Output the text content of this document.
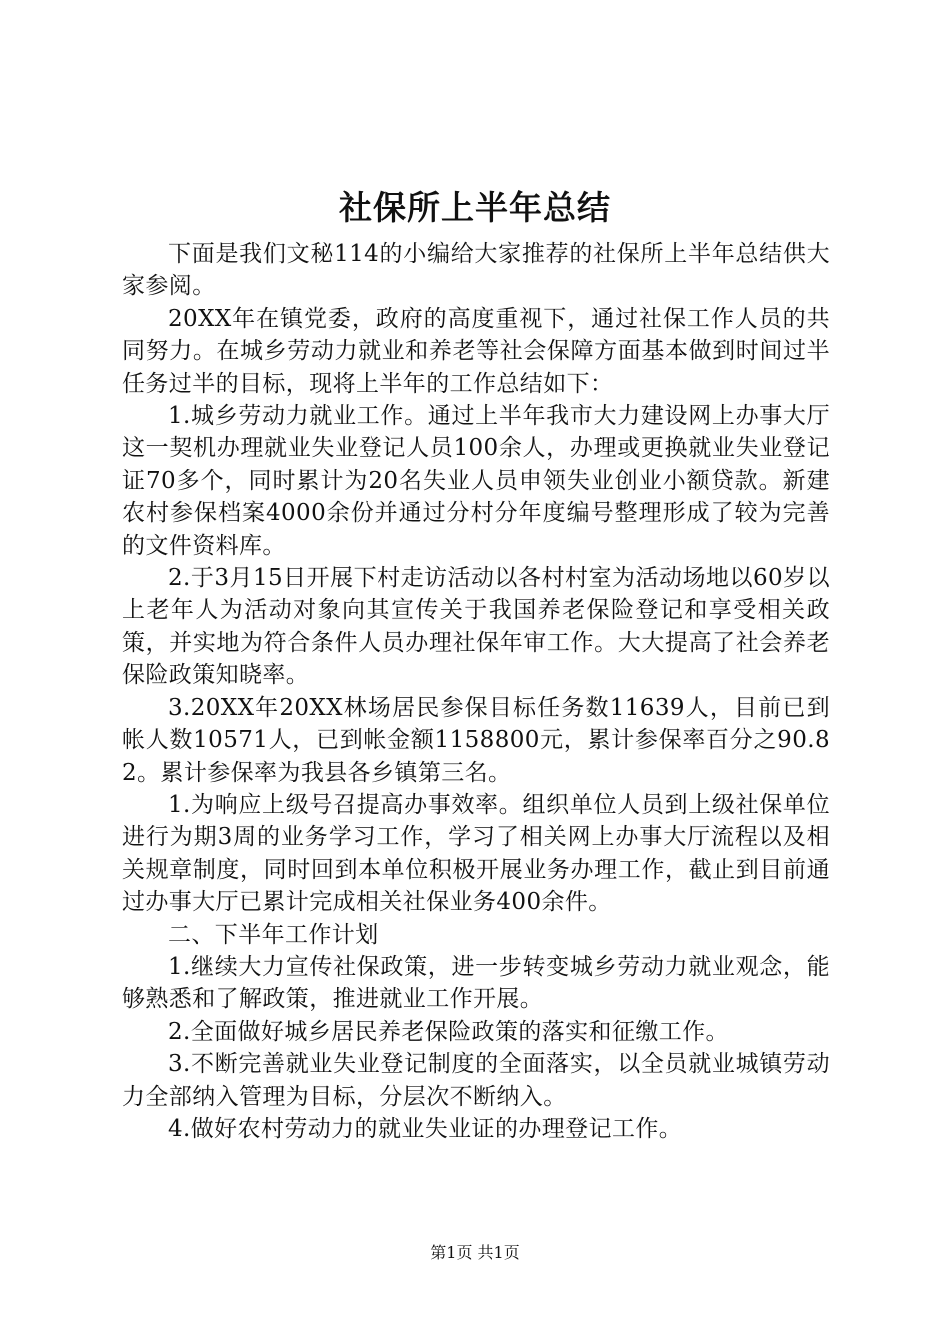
社保所上半年总结

下面是我们文秘114的小编给大家推荐的社保所上半年总结供大家参阅。

20XX年在镇党委，政府的高度重视下，通过社保工作人员的共同努力。在城乡劳动力就业和养老等社会保障方面基本做到时间过半任务过半的目标，现将上半年的工作总结如下：

1.城乡劳动力就业工作。通过上半年我市大力建设网上办事大厅这一契机办理就业失业登记人员100余人，办理或更换就业失业登记证70多个，同时累计为20名失业人员申领失业创业小额贷款。新建农村参保档案4000余份并通过分村分年度编号整理形成了较为完善的文件资料库。

2.于3月15日开展下村走访活动以各村村室为活动场地以60岁以上老年人为活动对象向其宣传关于我国养老保险登记和享受相关政策，并实地为符合条件人员办理社保年审工作。大大提高了社会养老保险政策知晓率。

3.20XX年20XX林场居民参保目标任务数11639人，目前已到帐人数10571人，已到帐金额1158800元，累计参保率百分之90.82。累计参保率为我县各乡镇第三名。

1.为响应上级号召提高办事效率。组织单位人员到上级社保单位进行为期3周的业务学习工作，学习了相关网上办事大厅流程以及相关规章制度，同时回到本单位积极开展业务办理工作，截止到目前通过办事大厅已累计完成相关社保业务400余件。

二、下半年工作计划

1.继续大力宣传社保政策，进一步转变城乡劳动力就业观念，能够熟悉和了解政策，推进就业工作开展。

2.全面做好城乡居民养老保险政策的落实和征缴工作。

3.不断完善就业失业登记制度的全面落实，以全员就业城镇劳动力全部纳入管理为目标，分层次不断纳入。

4.做好农村劳动力的就业失业证的办理登记工作。

第1页 共1页
